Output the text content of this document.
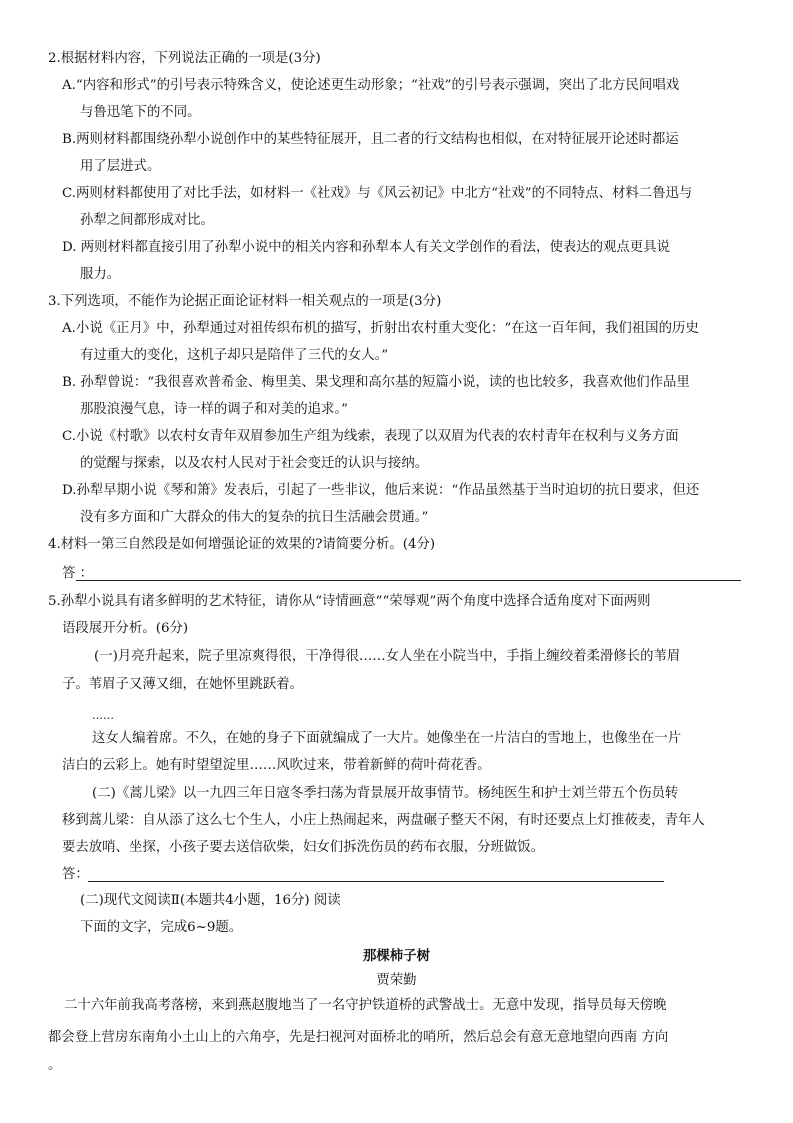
2.根据材料内容，下列说法正确的一项是(3分)
A.“内容和形式”的引号表示特殊含义，使论述更生动形象；“社戏”的引号表示强调，突出了北方民间唱戏
与鲁迅笔下的不同。
B.两则材料都围绕孙犁小说创作中的某些特征展开，且二者的行文结构也相似，在对特征展开论述时都运
用了层进式。
C.两则材料都使用了对比手法，如材料一《社戏》与《风云初记》中北方“社戏”的不同特点、材料二鲁迅与
孙犁之间都形成对比。
D. 两则材料都直接引用了孙犁小说中的相关内容和孙犁本人有关文学创作的看法，使表达的观点更具说
服力。
3.下列选项，不能作为论据正面论证材料一相关观点的一项是(3分)
A.小说《正月》中，孙犁通过对祖传织布机的描写，折射出农村重大变化：“在这一百年间，我们祖国的历史
有过重大的变化，这机子却只是陪伴了三代的女人。”
B. 孙犁曾说：“我很喜欢普希金、梅里美、果戈理和高尔基的短篇小说，读的也比较多，我喜欢他们作品里
那股浪漫气息，诗一样的调子和对美的追求。”
C.小说《村歌》以农村女青年双眉参加生产组为线索，表现了以双眉为代表的农村青年在权利与义务方面
的觉醒与探索，以及农村人民对于社会变迁的认识与接纳。
D.孙犁早期小说《琴和箫》发表后，引起了一些非议，他后来说：“作品虽然基于当时迫切的抗日要求，但还
没有多方面和广大群众的伟大的复杂的抗日生活融会贯通。”
4.材料一第三自然段是如何增强论证的效果的?请简要分析。(4分)
答 ：
5.孙犁小说具有诸多鲜明的艺术特征，请你从“诗情画意”“荣辱观”两个角度中选择合适角度对下面两则
语段展开分析。(6分)
(一)月亮升起来，院子里凉爽得很，干净得很……女人坐在小院当中，手指上缠绞着柔滑修长的苇眉
子。苇眉子又薄又细，在她怀里跳跃着。
……
这女人编着席。不久，在她的身子下面就编成了一大片。她像坐在一片洁白的雪地上，也像坐在一片
洁白的云彩上。她有时望望淀里……风吹过来，带着新鲜的荷叶荷花香。
(二)《蒿儿梁》以一九四三年日寇冬季扫荡为背景展开故事情节。杨纯医生和护士刘兰带五个伤员转
移到蒿儿梁：自从添了这么七个生人，小庄上热闹起来，两盘碾子整天不闲，有时还要点上灯推莜麦，青年人
要去放哨、坐探，小孩子要去送信砍柴，妇女们拆洗伤员的药布衣服，分班做饭。
答：
(二)现代文阅读Ⅱ(本题共4小题，16分) 阅读
下面的文字，完成6~9题。
那棵柿子树
贾荣勤
二十六年前我高考落榜，来到燕赵腹地当了一名守护铁道桥的武警战士。无意中发现，指导员每天傍晚
都会登上营房东南角小土山上的六角亭，先是扫视河对面桥北的哨所，然后总会有意无意地望向西南 方向
。
